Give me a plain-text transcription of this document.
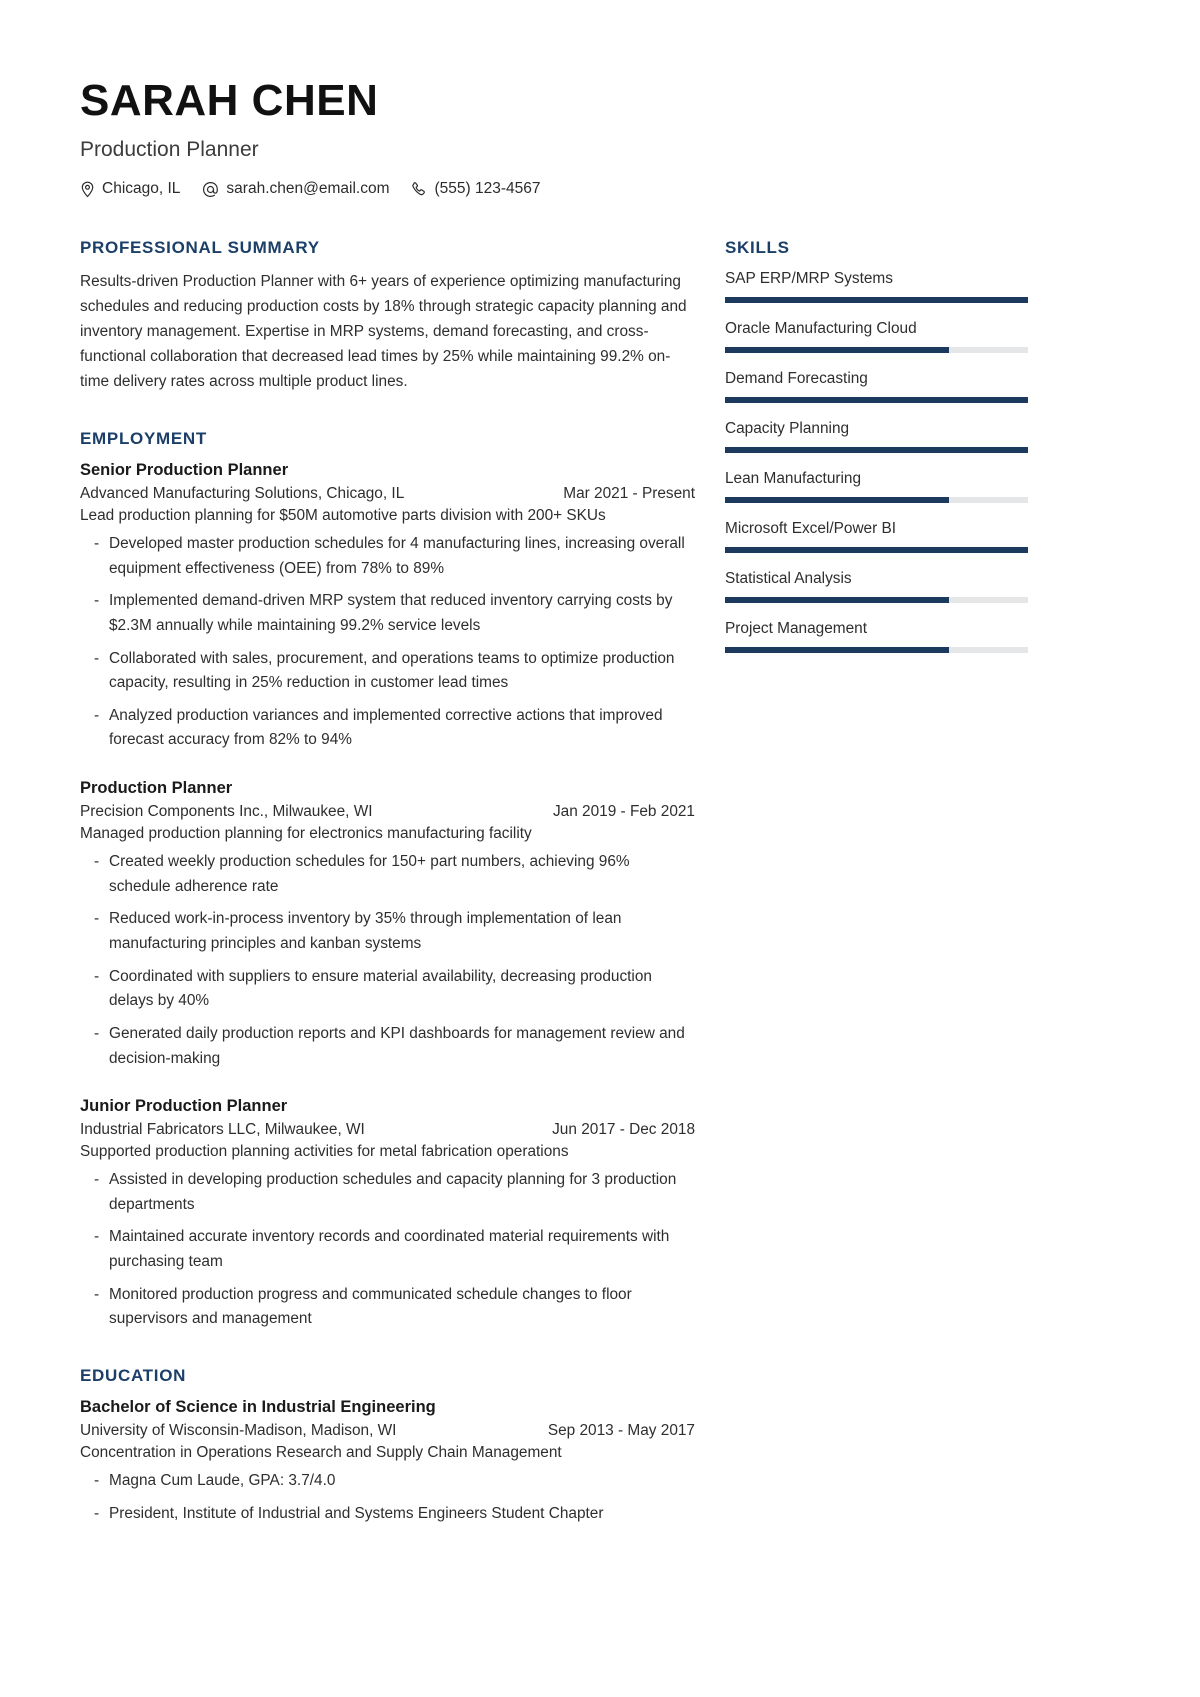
SARAH CHEN
Production Planner
Chicago, IL	sarah.chen@email.com	(555) 123-4567
PROFESSIONAL SUMMARY
Results-driven Production Planner with 6+ years of experience optimizing manufacturing schedules and reducing production costs by 18% through strategic capacity planning and inventory management. Expertise in MRP systems, demand forecasting, and cross-functional collaboration that decreased lead times by 25% while maintaining 99.2% on-time delivery rates across multiple product lines.
EMPLOYMENT
Senior Production Planner
Advanced Manufacturing Solutions, Chicago, IL	Mar 2021 - Present
Lead production planning for $50M automotive parts division with 200+ SKUs
- Developed master production schedules for 4 manufacturing lines, increasing overall equipment effectiveness (OEE) from 78% to 89%
- Implemented demand-driven MRP system that reduced inventory carrying costs by $2.3M annually while maintaining 99.2% service levels
- Collaborated with sales, procurement, and operations teams to optimize production capacity, resulting in 25% reduction in customer lead times
- Analyzed production variances and implemented corrective actions that improved forecast accuracy from 82% to 94%
Production Planner
Precision Components Inc., Milwaukee, WI	Jan 2019 - Feb 2021
Managed production planning for electronics manufacturing facility
- Created weekly production schedules for 150+ part numbers, achieving 96% schedule adherence rate
- Reduced work-in-process inventory by 35% through implementation of lean manufacturing principles and kanban systems
- Coordinated with suppliers to ensure material availability, decreasing production delays by 40%
- Generated daily production reports and KPI dashboards for management review and decision-making
Junior Production Planner
Industrial Fabricators LLC, Milwaukee, WI	Jun 2017 - Dec 2018
Supported production planning activities for metal fabrication operations
- Assisted in developing production schedules and capacity planning for 3 production departments
- Maintained accurate inventory records and coordinated material requirements with purchasing team
- Monitored production progress and communicated schedule changes to floor supervisors and management
EDUCATION
Bachelor of Science in Industrial Engineering
University of Wisconsin-Madison, Madison, WI	Sep 2013 - May 2017
Concentration in Operations Research and Supply Chain Management
- Magna Cum Laude, GPA: 3.7/4.0
- President, Institute of Industrial and Systems Engineers Student Chapter
SKILLS
SAP ERP/MRP Systems
Oracle Manufacturing Cloud
Demand Forecasting
Capacity Planning
Lean Manufacturing
Microsoft Excel/Power BI
Statistical Analysis
Project Management
